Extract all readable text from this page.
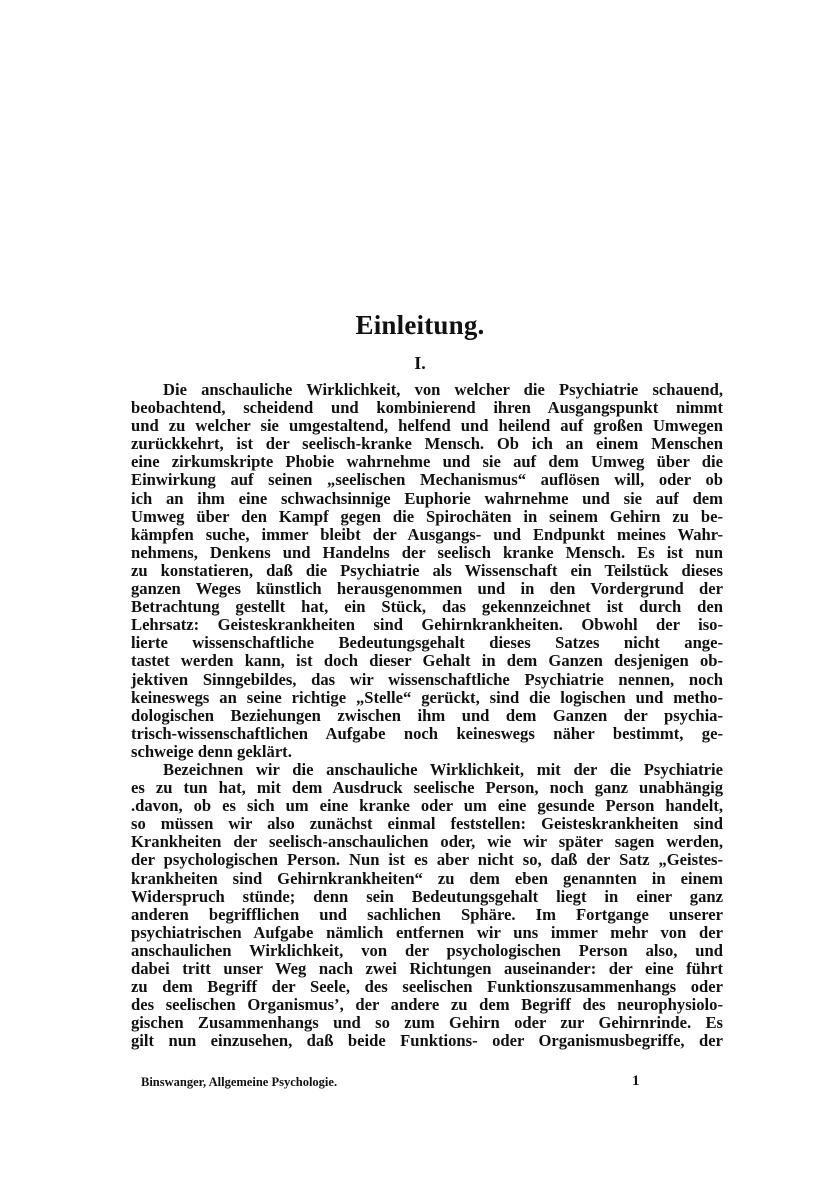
Einleitung.
I.
Die anschauliche Wirklichkeit, von welcher die Psychiatrie schauend,
beobachtend, scheidend und kombinierend ihren Ausgangspunkt nimmt
und zu welcher sie umgestaltend, helfend und heilend auf großen Umwegen
zurückkehrt, ist der seelisch-kranke Mensch. Ob ich an einem Menschen
eine zirkumskripte Phobie wahrnehme und sie auf dem Umweg über die
Einwirkung auf seinen „seelischen Mechanismus“ auflösen will, oder ob
ich an ihm eine schwachsinnige Euphorie wahrnehme und sie auf dem
Umweg über den Kampf gegen die Spirochäten in seinem Gehirn zu be-
kämpfen suche, immer bleibt der Ausgangs- und Endpunkt meines Wahr-
nehmens, Denkens und Handelns der seelisch kranke Mensch. Es ist nun
zu konstatieren, daß die Psychiatrie als Wissenschaft ein Teilstück dieses
ganzen Weges künstlich herausgenommen und in den Vordergrund der
Betrachtung gestellt hat, ein Stück, das gekennzeichnet ist durch den
Lehrsatz: Geisteskrankheiten sind Gehirnkrankheiten. Obwohl der iso-
lierte wissenschaftliche Bedeutungsgehalt dieses Satzes nicht ange-
tastet werden kann, ist doch dieser Gehalt in dem Ganzen desjenigen ob-
jektiven Sinngebildes, das wir wissenschaftliche Psychiatrie nennen, noch
keineswegs an seine richtige „Stelle“ gerückt, sind die logischen und metho-
dologischen Beziehungen zwischen ihm und dem Ganzen der psychia-
trisch-wissenschaftlichen Aufgabe noch keineswegs näher bestimmt, ge-
schweige denn geklärt.
Bezeichnen wir die anschauliche Wirklichkeit, mit der die Psychiatrie
es zu tun hat, mit dem Ausdruck seelische Person, noch ganz unabhängig
.davon, ob es sich um eine kranke oder um eine gesunde Person handelt,
so müssen wir also zunächst einmal feststellen: Geisteskrankheiten sind
Krankheiten der seelisch-anschaulichen oder, wie wir später sagen werden,
der psychologischen Person. Nun ist es aber nicht so, daß der Satz „Geistes-
krankheiten sind Gehirnkrankheiten“ zu dem eben genannten in einem
Widerspruch stünde; denn sein Bedeutungsgehalt liegt in einer ganz
anderen begrifflichen und sachlichen Sphäre. Im Fortgange unserer
psychiatrischen Aufgabe nämlich entfernen wir uns immer mehr von der
anschaulichen Wirklichkeit, von der psychologischen Person also, und
dabei tritt unser Weg nach zwei Richtungen auseinander: der eine führt
zu dem Begriff der Seele, des seelischen Funktionszusammenhangs oder
des seelischen Organismus’, der andere zu dem Begriff des neurophysiolo-
gischen Zusammenhangs und so zum Gehirn oder zur Gehirnrinde. Es
gilt nun einzusehen, daß beide Funktions- oder Organismusbegriffe, der
Binswanger, Allgemeine Psychologie.	1
